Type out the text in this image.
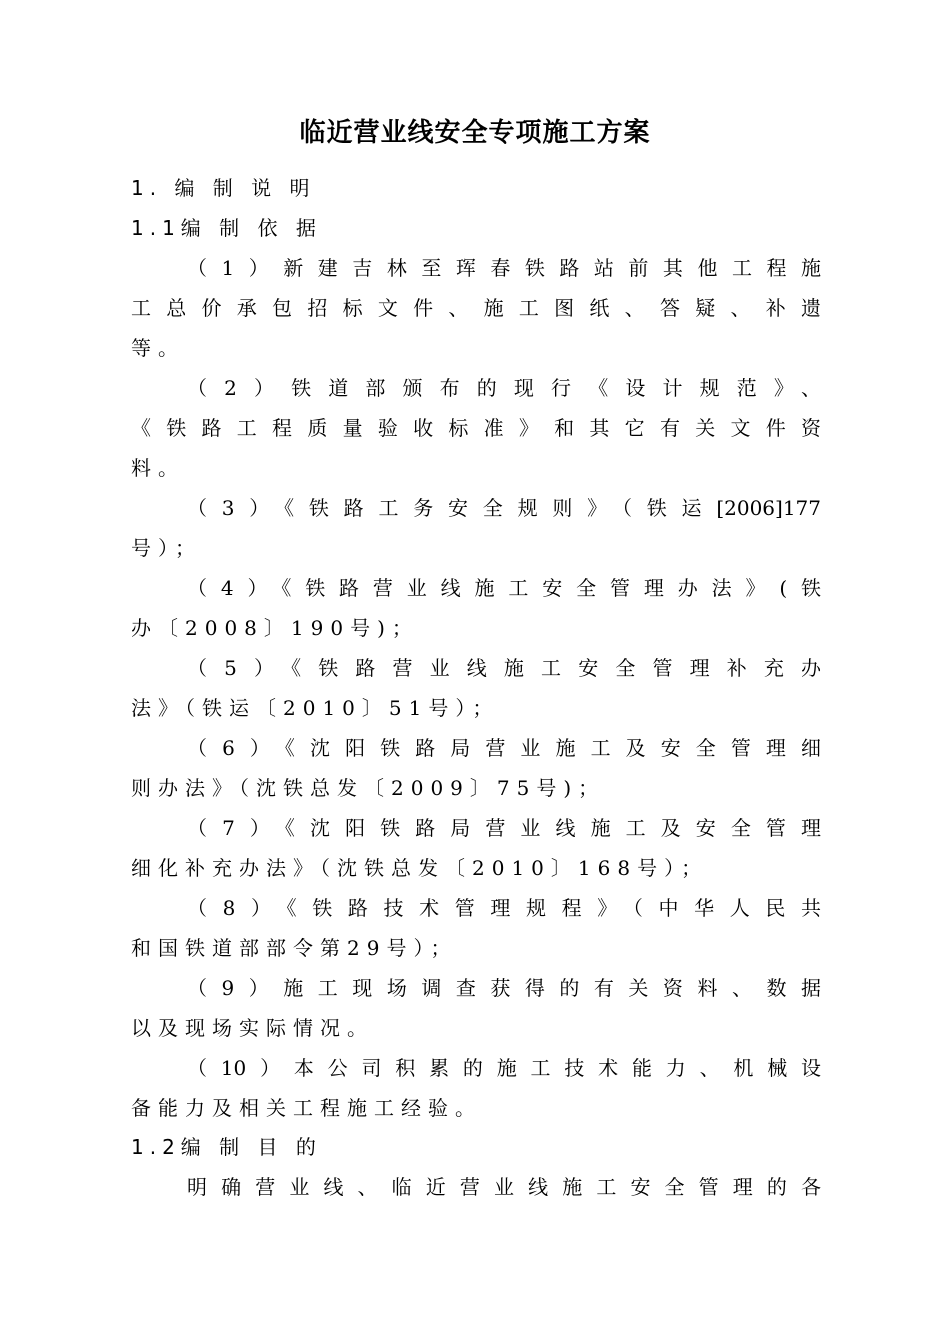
临近营业线安全专项施工方案
1. 编 制 说 明
1.1编 制 依 据
（1）新建吉林至珲春铁路站前其他工程施
工总价承包招标文件、施工图纸、答疑、补遗
等。
（2）铁道部颁布的现行《设计规范》、
《铁路工程质量验收标准》和其它有关文件资
料。
（3）《铁路工务安全规则》（铁运[2006]177
号）；
（4）《铁路营业线施工安全管理办法》(铁
办〔2008〕190号)；
（5）《铁路营业线施工安全管理补充办
法》（铁运〔2010〕51号）；
（6）《沈阳铁路局营业施工及安全管理细
则办法》（沈铁总发〔2009〕75号)；
（7）《沈阳铁路局营业线施工及安全管理
细化补充办法》（沈铁总发〔2010〕168号）；
（8）《铁路技术管理规程》（中华人民共
和国铁道部部令第29号）；
（9）施工现场调查获得的有关资料、数据
以及现场实际情况。
（10）本公司积累的施工技术能力、机械设
备能力及相关工程施工经验。
1.2编 制 目 的
明确营业线、临近营业线施工安全管理的各
